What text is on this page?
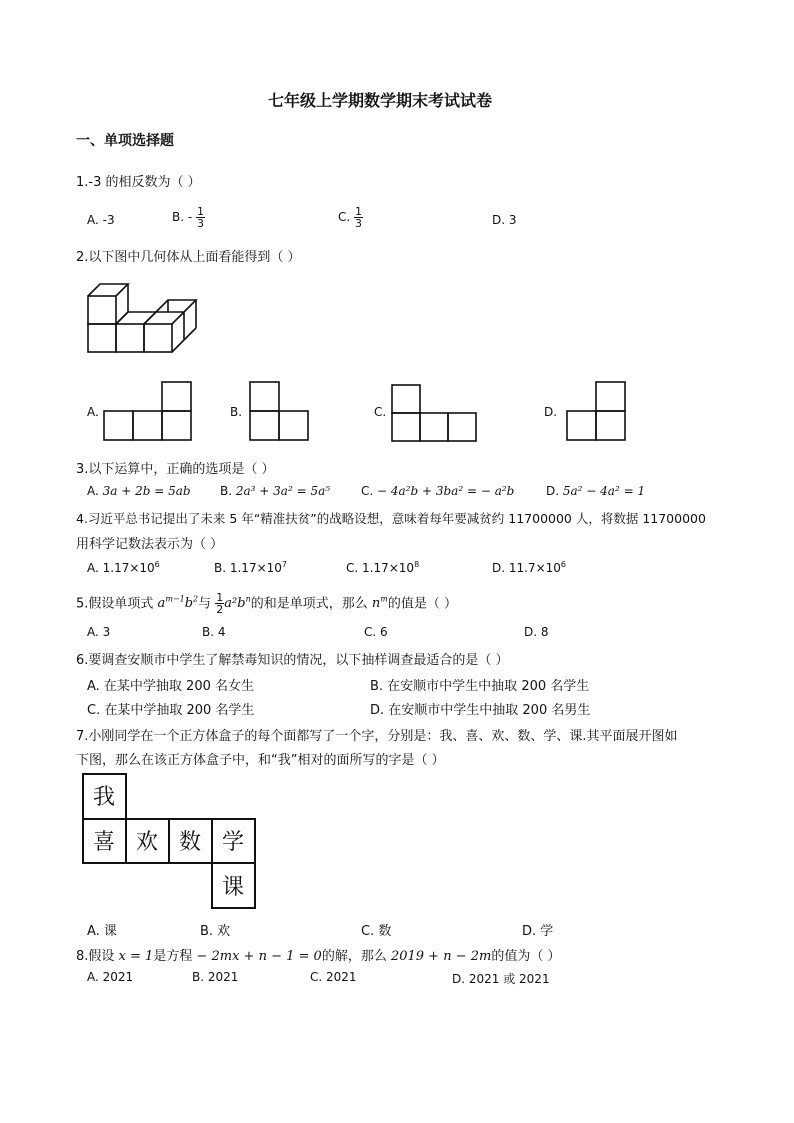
七年级上学期数学期末考试试卷
一、单项选择题
1.-3 的相反数为（ ）
A. -3	B. - $\frac{1}{3}$	C. $\frac{1}{3}$	D. 3
2.以下图中几何体从上面看能得到（ ）
A.	B.	C.	D.
3.以下运算中，正确的选项是（ ）
A. 3a + 2b = 5ab B. 2a³ + 3a² = 5a⁵	C. − 4a²b + 3ba² = − a²b	D. 5a² − 4a² = 1
4.习近平总书记提出了未来 5 年“精准扶贫”的战略设想，意味着每年要减贫约 11700000 人，将数据 11700000
用科学记数法表示为（ ）
A. $1.17\times 10^6$	B. $1.17\times 10^7$	C. $1.17\times 10^8$	D. $11.7\times 10^6$
5.假设单项式 $a^{m-1}b^2$与 $\frac{1}{2} a^2b^n$的和是单项式，那么 $n^m$的值是（ ）
A. 3	B. 4	C. 6	D. 8
6.要调查安顺市中学生了解禁毒知识的情况，以下抽样调查最适合的是（ ）
A. 在某中学抽取 200 名女生	B. 在安顺市中学生中抽取 200 名学生
C. 在某中学抽取 200 名学生	D. 在安顺市中学生中抽取 200 名男生
7.小刚同学在一个正方体盒子的每个面都写了一个字，分别是：我、喜、欢、数、学、课.其平面展开图如
下图，那么在该正方体盒子中，和“我”相对的面所写的字是（ ）
我
喜 欢 数 学
课
A. 课	B. 欢	C. 数	D. 学
8.假设 x = 1是方程 − 2mx + n − 1 = 0的解，那么 2019 + n − 2m的值为（ ）
A. 2021	B. 2021	C. 2021	D. 2021 或 2021
